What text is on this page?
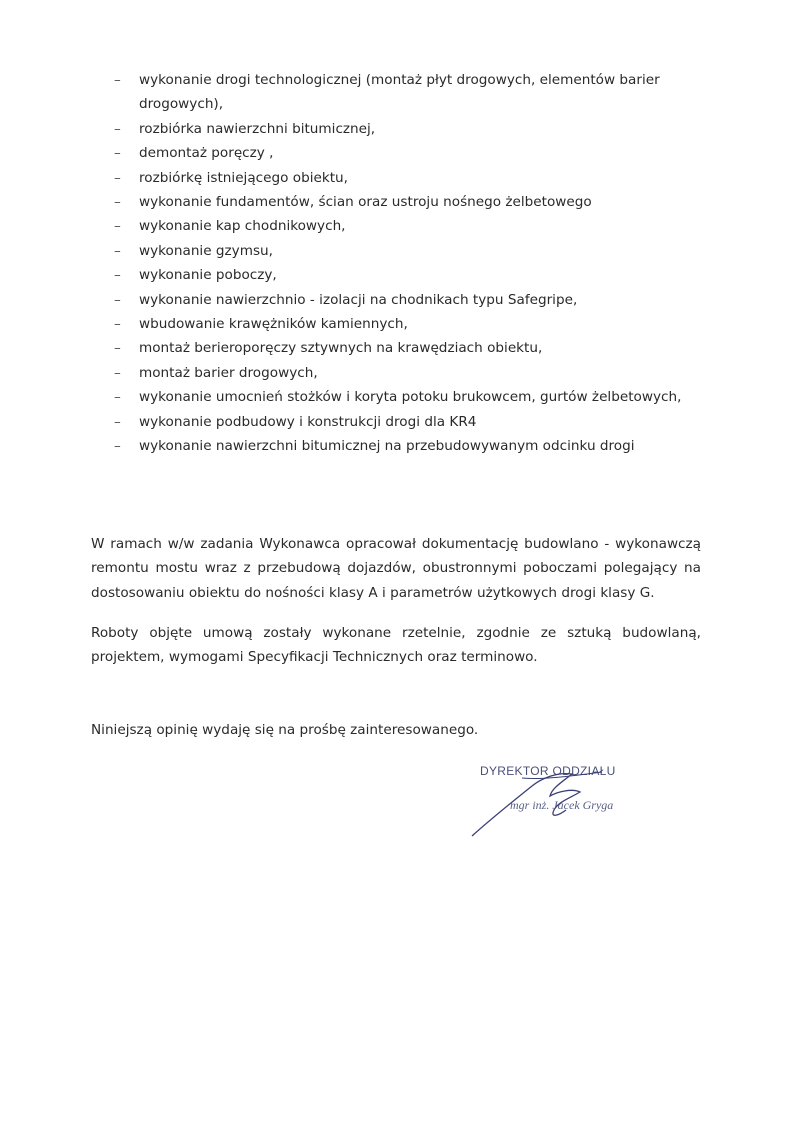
– wykonanie drogi technologicznej (montaż płyt drogowych, elementów barier drogowych),
– rozbiórka nawierzchni bitumicznej,
– demontaż poręczy ,
– rozbiórkę istniejącego obiektu,
– wykonanie fundamentów, ścian oraz ustroju nośnego żelbetowego
– wykonanie kap chodnikowych,
– wykonanie gzymsu,
– wykonanie poboczy,
– wykonanie nawierzchnio - izolacji na chodnikach typu Safegripe,
– wbudowanie krawężników kamiennych,
– montaż berieroporęczy sztywnych na krawędziach obiektu,
– montaż barier drogowych,
– wykonanie umocnień stożków i koryta potoku brukowcem, gurtów żelbetowych,
– wykonanie podbudowy i konstrukcji drogi dla KR4
– wykonanie nawierzchni bitumicznej na przebudowywanym odcinku drogi

W ramach w/w zadania Wykonawca opracował dokumentację budowlano - wykonawczą remontu mostu wraz z przebudową dojazdów, obustronnymi poboczami polegający na dostosowaniu obiektu do nośności klasy A i parametrów użytkowych drogi klasy G.

Roboty objęte umową zostały wykonane rzetelnie, zgodnie ze sztuką budowlaną, projektem, wymogami Specyfikacji Technicznych oraz terminowo.

Niniejszą opinię wydaję się na prośbę zainteresowanego.

DYREKTOR ODDZIAŁU
mgr inż. Jacek Gryga
